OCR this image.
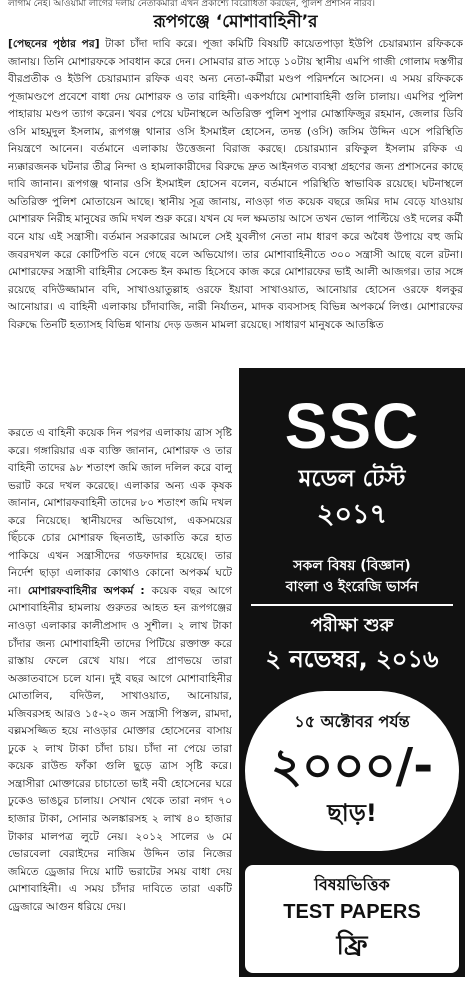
লাগাম নেই। আওয়ামী লীগের দলীয় নেতাকর্মীরা এখন প্রকাশ্যে বিরোধিতা করছেন, পুলিশ প্রশাসন নীরব।
রূপগঞ্জে ‘মোশাবাহিনী’র
[পেছনের পৃষ্ঠার পর] টাকা চাঁদা দাবি করে। পূজা কমিটি বিষয়টি কায়েতপাড়া ইউপি চেয়ারম্যান রফিককে জানায়। তিনি মোশারফকে সাবধান করে দেন। সোমবার রাত সাড়ে ১০টায় স্থানীয় এমপি গাজী গোলাম দস্তগীর বীরপ্রতীক ও ইউপি চেয়ারম্যান রফিক এবং অন্য নেতা-কর্মীরা মণ্ডপ পরিদর্শনে আসেন। এ সময় রফিককে পূজামণ্ডপে প্রবেশে বাধা দেয় মোশারফ ও তার বাহিনী। একপর্যায়ে মোশাবাহিনী গুলি চালায়। এমপির পুলিশ পাহারায় মণ্ডপ ত্যাগ করেন। খবর পেয়ে ঘটনাস্থলে অতিরিক্ত পুলিশ সুপার মোস্তাফিজুর রহমান, জেলার ডিবি ওসি মাহমুদুল ইসলাম, রূপগঞ্জ থানার ওসি ইসমাইল হোসেন, তদন্ত (ওসি) জসিম উদ্দিন এসে পরিস্থিতি নিয়ন্ত্রণে আনেন। বর্তমানে এলাকায় উত্তেজনা বিরাজ করছে। চেয়ারম্যান রফিকুল ইসলাম রফিক এ ন্যক্কারজনক ঘটনার তীব্র নিন্দা ও হামলাকারীদের বিরুদ্ধে দ্রুত আইনগত ব্যবস্থা গ্রহণের জন্য প্রশাসনের কাছে দাবি জানান। রূপগঞ্জ থানার ওসি ইসমাইল হোসেন বলেন, বর্তমানে পরিস্থিতি স্বাভাবিক রয়েছে। ঘটনাস্থলে অতিরিক্ত পুলিশ মোতায়েন আছে। স্থানীয় সূত্র জানায়, নাওড়া গত কয়েক বছরে জমির দাম বেড়ে যাওয়ায় মোশারফ নিরীহ মানুষের জমি দখল শুরু করে। যখন যে দল ক্ষমতায় আসে তখন ভোল পাল্টিয়ে ওই দলের কর্মী বনে যায় এই সন্ত্রাসী। বর্তমান সরকারের আমলে সেই যুবলীগ নেতা নাম ধারণ করে অবৈধ উপায়ে বহু জমি জবরদখল করে কোটিপতি বনে গেছে বলে অভিযোগ। তার মোশাবাহিনীতে ৩০০ সন্ত্রাসী আছে বলে রটনা। মোশারফের সন্ত্রাসী বাহিনীর সেকেন্ড ইন কমান্ড হিসেবে কাজ করে মোশারফের ভাই আলী আজগর। তার সঙ্গে রয়েছে বদিউজ্জামান বদি, সাখাওয়াতুল্লাহ ওরফে ইয়াবা সাখাওয়াত, আনোয়ার হোসেন ওরফে ধলকুর আনোয়ার। এ বাহিনী এলাকায় চাঁদাবাজি, নারী নির্যাতন, মাদক ব্যবসাসহ বিভিন্ন অপকর্মে লিপ্ত। মোশারফের বিরুদ্ধে তিনটি হত্যাসহ বিভিন্ন থানায় দেড় ডজন মামলা রয়েছে। সাধারণ মানুষকে আতঙ্কিত
করতে এ বাহিনী কয়েক দিন পরপর এলাকায় ত্রাস সৃষ্টি করে। গঙ্গারিয়ার এক ব্যক্তি জানান, মোশারফ ও তার বাহিনী তাদের ৯৮ শতাংশ জমি জাল দলিল করে বালু ভরাট করে দখল করেছে। এলাকার অন্য এক কৃষক জানান, মোশারফবাহিনী তাদের ৮০ শতাংশ জমি দখল করে নিয়েছে। স্থানীয়দের অভিযোগ, একসময়ের ছিঁচকে চোর মোশারফ ছিনতাই, ডাকাতি করে হাত পাকিয়ে এখন সন্ত্রাসীদের গডফাদার হয়েছে। তার নির্দেশ ছাড়া এলাকার কোথাও কোনো অপকর্ম ঘটে না। মোশারফবাহিনীর অপকর্ম : কয়েক বছর আগে মোশাবাহিনীর হামলায় গুরুতর আহত হন রূপগঞ্জের নাওড়া এলাকার কালীপ্রসাদ ও সুশীল। ২ লাখ টাকা চাঁদার জন্য মোশাবাহিনী তাদের পিটিয়ে রক্তাক্ত করে রাস্তায় ফেলে রেখে যায়। পরে প্রাণভয়ে তারা অজ্ঞাতবাসে চলে যান। দুই বছর আগে মোশাবাহিনীর মোতালিব, বদিউল, সাখাওয়াত, আনোয়ার, মজিবরসহ আরও ১৫-২০ জন সন্ত্রাসী পিস্তল, রামদা, বল্লমসজ্জিত হয়ে নাওড়ার মোক্তার হোসেনের বাসায় ঢুকে ২ লাখ টাকা চাঁদা চায়। চাঁদা না পেয়ে তারা কয়েক রাউন্ড ফাঁকা গুলি ছুড়ে ত্রাস সৃষ্টি করে। সন্ত্রাসীরা মোক্তারের চাচাতো ভাই নবী হোসেনের ঘরে ঢুকেও ভাঙচুর চালায়। সেখান থেকে তারা নগদ ৭০ হাজার টাকা, সোনার অলঙ্কারসহ ২ লাখ ৪০ হাজার টাকার মালপত্র লুটে নেয়। ২০১২ সালের ৬ মে ভোরবেলা বেরাইদের নাজিম উদ্দিন তার নিজের জমিতে ড্রেজার দিয়ে মাটি ভরাটের সময় বাধা দেয় মোশাবাহিনী। এ সময় চাঁদার দাবিতে তারা একটি ড্রেজারে আগুন ধরিয়ে দেয়।
SSC
মডেল টেস্ট
২০১৭
সকল বিষয় (বিজ্ঞান)
বাংলা ও ইংরেজি ভার্সন
পরীক্ষা শুরু
২ নভেম্বর, ২০১৬
১৫ অক্টোবর পর্যন্ত
২০০০/-
ছাড়!
বিষয়ভিত্তিক
TEST PAPERS
ফ্রি
